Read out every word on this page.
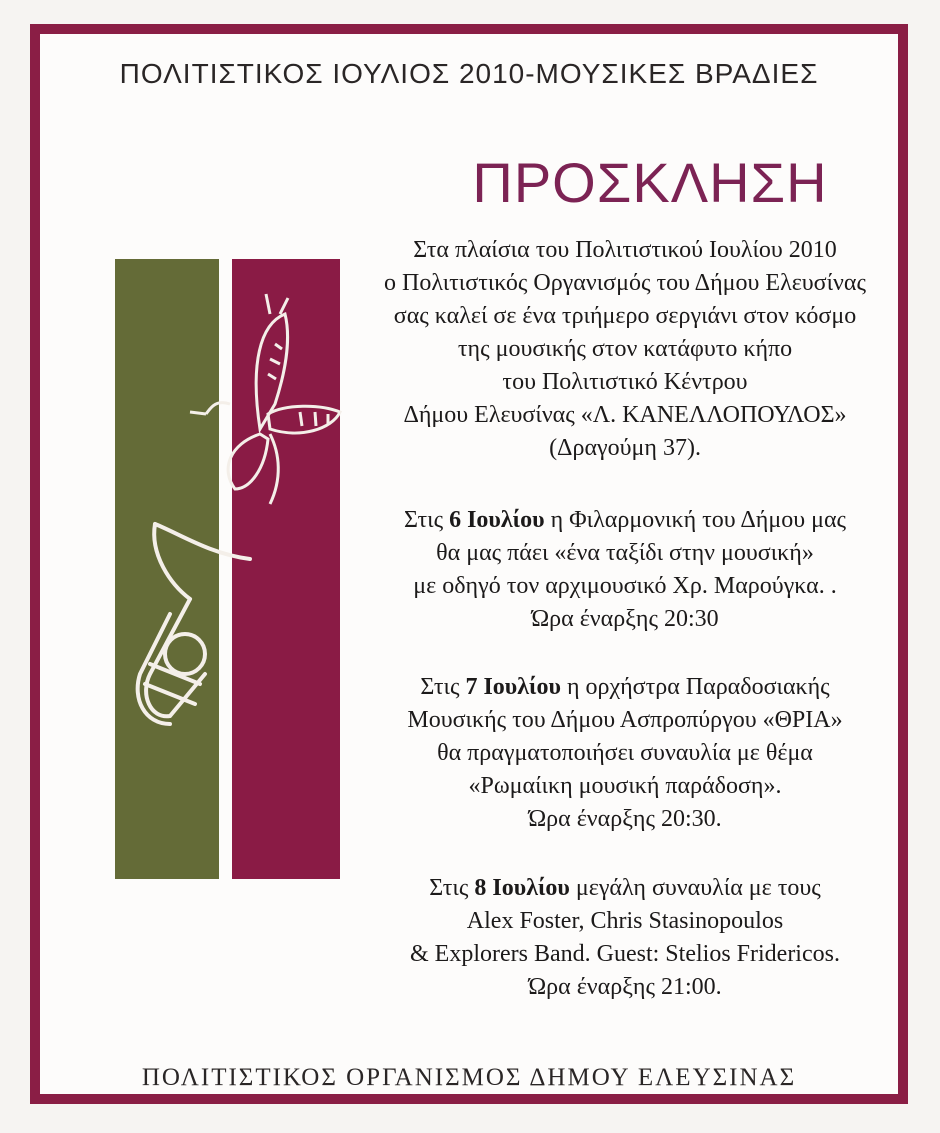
ΠΟΛΙΤΙΣΤΙΚΟΣ ΙΟΥΛΙΟΣ 2010-ΜΟΥΣΙΚΕΣ ΒΡΑΔΙΕΣ
ΠΡΟΣΚΛΗΣΗ

Στα πλαίσια του Πολιτιστικού Ιουλίου 2010

ο Πολιτιστικός Οργανισμός του Δήμου Ελευσίνας

σας καλεί σε ένα τριήμερο σεργιάνι στον κόσμο

της μουσικής στον κατάφυτο κήπο

του Πολιτιστικό Κέντρου

Δήμου Ελευσίνας «Λ. ΚΑΝΕΛΛΟΠΟΥΛΟΣ»

(Δραγούμη 37).

Στις 6 Ιουλίου η Φιλαρμονική του Δήμου μας

θα μας πάει «ένα ταξίδι στην μουσική»

με οδηγό τον αρχιμουσικό Χρ. Μαρούγκα. .

Ώρα έναρξης 20:30

Στις 7 Ιουλίου η ορχήστρα Παραδοσιακής

Μουσικής του Δήμου Ασπροπύργου «ΘΡΙΑ»

θα πραγματοποιήσει συναυλία με θέμα

«Ρωμαίικη μουσική παράδοση».

Ώρα έναρξης 20:30.

Στις 8 Ιουλίου μεγάλη συναυλία με τους

Alex Foster, Chris Stasinopoulos

& Explorers Band. Guest: Stelios Fridericos.

Ώρα έναρξης 21:00.

ΠΟΛΙΤΙΣΤΙΚΟΣ ΟΡΓΑΝΙΣΜΟΣ ΔΗΜΟΥ ΕΛΕΥΣΙΝΑΣ
